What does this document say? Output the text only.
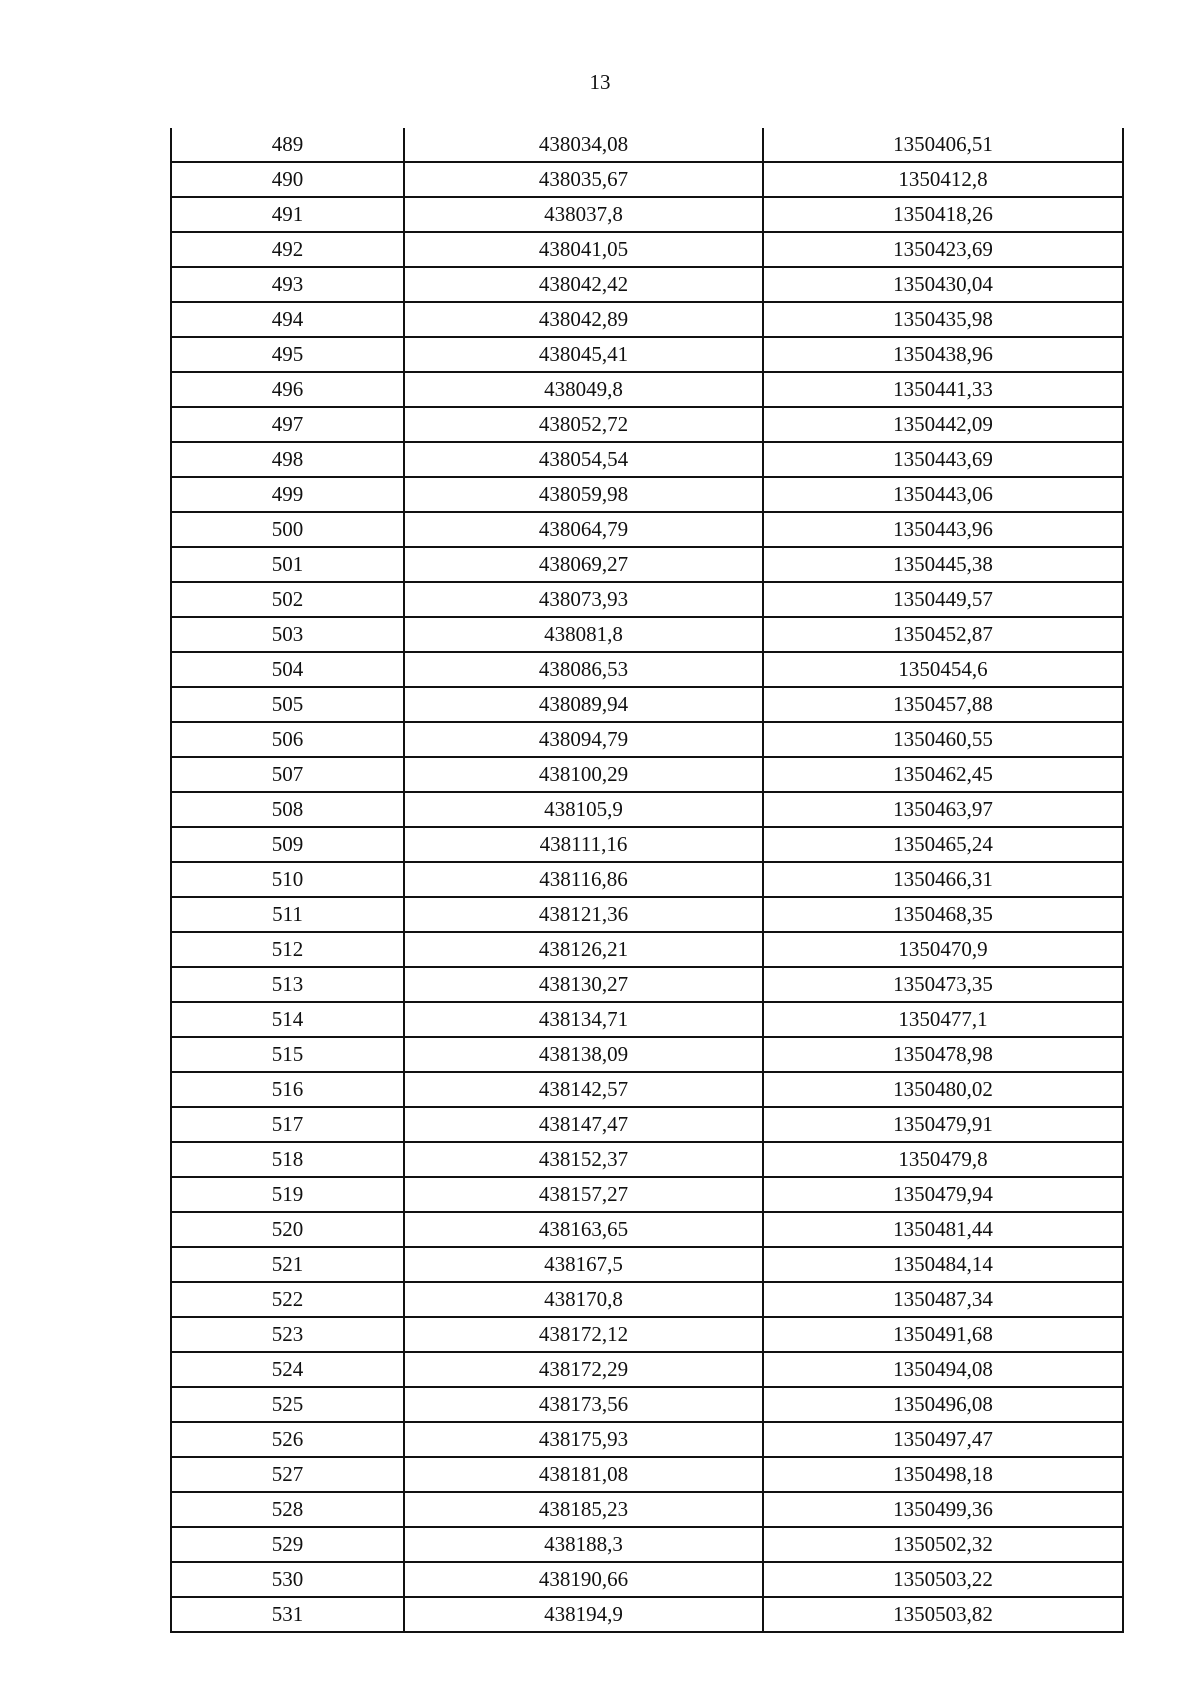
13
489	438034,08	1350406,51
490	438035,67	1350412,8
491	438037,8	1350418,26
492	438041,05	1350423,69
493	438042,42	1350430,04
494	438042,89	1350435,98
495	438045,41	1350438,96
496	438049,8	1350441,33
497	438052,72	1350442,09
498	438054,54	1350443,69
499	438059,98	1350443,06
500	438064,79	1350443,96
501	438069,27	1350445,38
502	438073,93	1350449,57
503	438081,8	1350452,87
504	438086,53	1350454,6
505	438089,94	1350457,88
506	438094,79	1350460,55
507	438100,29	1350462,45
508	438105,9	1350463,97
509	438111,16	1350465,24
510	438116,86	1350466,31
511	438121,36	1350468,35
512	438126,21	1350470,9
513	438130,27	1350473,35
514	438134,71	1350477,1
515	438138,09	1350478,98
516	438142,57	1350480,02
517	438147,47	1350479,91
518	438152,37	1350479,8
519	438157,27	1350479,94
520	438163,65	1350481,44
521	438167,5	1350484,14
522	438170,8	1350487,34
523	438172,12	1350491,68
524	438172,29	1350494,08
525	438173,56	1350496,08
526	438175,93	1350497,47
527	438181,08	1350498,18
528	438185,23	1350499,36
529	438188,3	1350502,32
530	438190,66	1350503,22
531	438194,9	1350503,82
